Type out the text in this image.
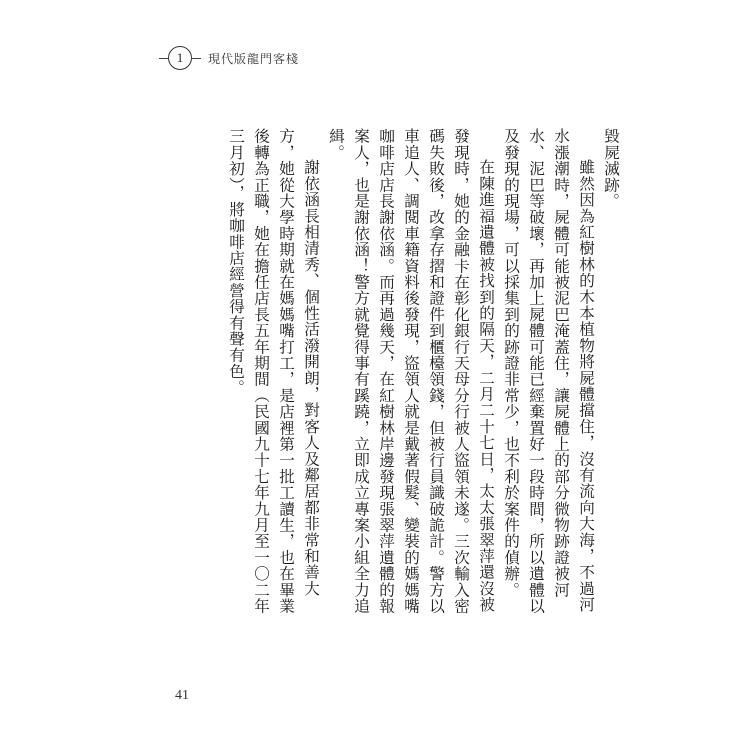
1	現代版龍門客棧

毀屍滅跡。

雖然因為紅樹林的木本植物將屍體擋住，沒有流向大海，不過河水漲潮時，屍體可能被泥巴淹蓋住，讓屍體上的部分微物跡證被河水、泥巴等破壞，再加上屍體可能已經棄置好一段時間，所以遺體以及發現的現場，可以採集到的跡證非常少，也不利於案件的偵辦。

在陳進福遺體被找到的隔天，二月二十七日，太太張翠萍還沒被發現時，她的金融卡在彰化銀行天母分行被人盜領未遂。三次輸入密碼失敗後，改拿存摺和證件到櫃檯領錢，但被行員識破詭計。警方以車追人、調閱車籍資料後發現，盜領人就是戴著假髮、變裝的媽媽嘴咖啡店店長謝依涵。而再過幾天，在紅樹林岸邊發現張翠萍遺體的報案人，也是謝依涵！警方就覺得事有蹊蹺，立即成立專案小組全力追緝。

謝依涵長相清秀、個性活潑開朗，對客人及鄰居都非常和善大方，她從大學時期就在媽媽嘴打工，是店裡第一批工讀生，也在畢業後轉為正職，她在擔任店長五年期間（民國九十七年九月至一〇二年三月初），將咖啡店經營得有聲有色。

41
